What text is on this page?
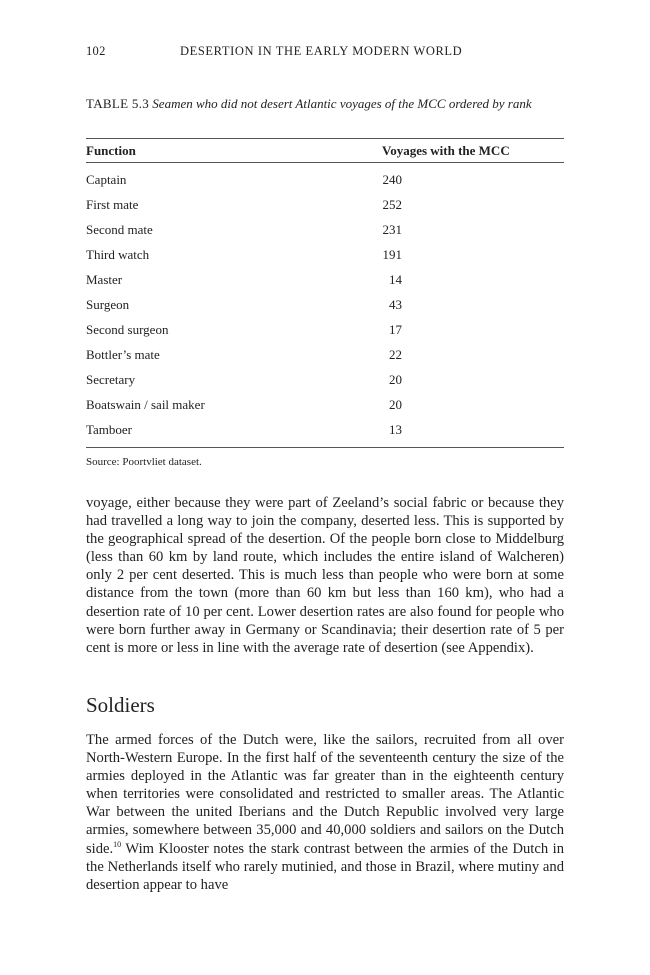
102	DESERTION IN THE EARLY MODERN WORLD
TABLE 5.3 Seamen who did not desert Atlantic voyages of the MCC ordered by rank
Function	Voyages with the MCC
Captain	240
First mate	252
Second mate	231
Third watch	191
Master	14
Surgeon	43
Second surgeon	17
Bottler’s mate	22
Secretary	20
Boatswain / sail maker	20
Tamboer	13
Source: Poortvliet dataset.

voyage, either because they were part of Zeeland’s social fabric or because they had travelled a long way to join the company, deserted less. This is supported by the geographical spread of the desertion. Of the people born close to Middelburg (less than 60 km by land route, which includes the entire island of Walcheren) only 2 per cent deserted. This is much less than people who were born at some distance from the town (more than 60 km but less than 160 km), who had a desertion rate of 10 per cent. Lower desertion rates are also found for people who were born further away in Germany or Scandinavia; their desertion rate of 5 per cent is more or less in line with the average rate of desertion (see Appendix).

Soldiers

The armed forces of the Dutch were, like the sailors, recruited from all over North-Western Europe. In the first half of the seventeenth century the size of the armies deployed in the Atlantic was far greater than in the eighteenth century when territories were consolidated and restricted to smaller areas. The Atlantic War between the united Iberians and the Dutch Republic involved very large armies, somewhere between 35,000 and 40,000 soldiers and sailors on the Dutch side.$^{10}$ Wim Klooster notes the stark contrast between the armies of the Dutch in the Netherlands itself who rarely mutinied, and those in Brazil, where mutiny and desertion appear to have
